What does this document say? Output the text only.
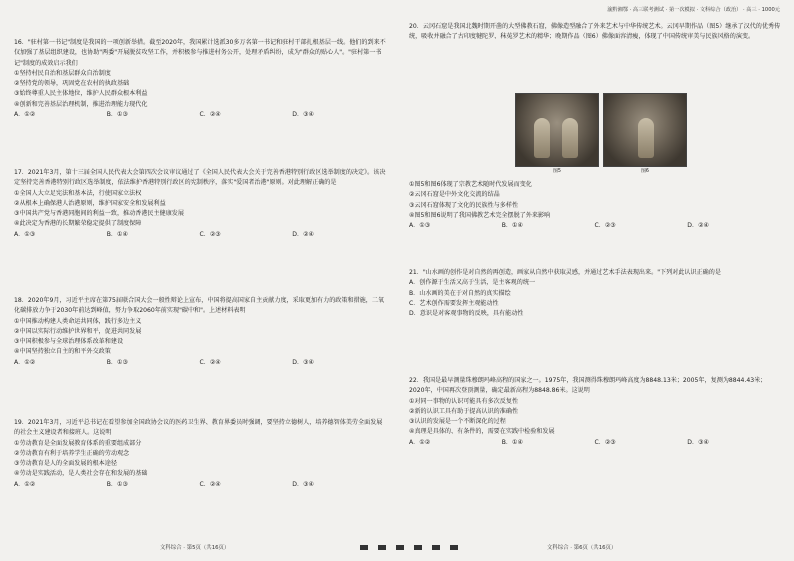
16．"驻村第一书记"制度是我国的一项创新举措。截至2020年，我国累计选派30多万名第一书记和驻村干部扎根基层一线。他们的到来不仅加强了基层组织建设，也协助"两委"开展脱贫攻坚工作，并积极参与推进村务公开，处理矛盾纠纷，成为"群众的贴心人"。"驻村第一书记"制度的成效启示我们

①坚持村民自治和基层群众自治制度
②坚持党的领导，巩固党在农村的执政基础
③始终尊重人民主体地位，维护人民群众根本利益
④创新和完善基层治理机制，推进治理能力现代化
A．①②	B．①③	C．②④	D．③④

17．2021年3月，第十三届全国人民代表大会第四次会议审议通过了《全国人民代表大会关于完善香港特别行政区选举制度的决定》。该决定坚持完善香港特别行政区选举制度，依法维护香港特别行政区的宪制秩序，落实"爱国者治港"原则。对此理解正确的是

①全国人大立足宪法和基本法，行使国家立法权
②从根本上确保港人治港原则，维护国家安全和发展利益
③中国共产党与香港同胞间的利益一致，推动香港民主健康发展
④此决定为香港的长期繁荣稳定提供了制度保障
A．①③	B．①④	C．②③	D．②④

18．2020年9月，习近平主席在第75届联合国大会一般性辩论上宣布，中国将提高国家自主贡献力度，采取更加有力的政策和措施，二氧化碳排放力争于2030年前达到峰值，努力争取2060年前实现"碳中和"。上述材料表明

①中国推动构建人类命运共同体，践行多边主义
②中国以实际行动维护世界和平，促进共同发展
③中国积极参与全球治理体系改革和建设
④中国坚持独立自主的和平外交政策
A．①②	B．①③	C．②④	D．③④

19．2021年3月，习近平总书记在看望参加全国政协会议的医药卫生界、教育界委员时强调，要坚持立德树人，培养德智体美劳全面发展的社会主义建设者和接班人。这说明

①劳动教育是全面发展教育体系的重要组成部分
②劳动教育有利于培养学生正确的劳动观念
③劳动教育是人的全面发展的根本途径
④劳动是实践活动，是人类社会存在和发展的基础
A．①②	B．①③	C．②④	D．③④
文科综合 · 第5页（共16页）
渝黔湘鄂 · 高三联考测试 · 第一次模拟 · 文科综合（政治） · 高三 · 1000元

20．云冈石窟是我国北魏时期开凿的大型佛教石窟，佛像造型融合了外来艺术与中华传统艺术。云冈早期作品（图5）继承了汉代的优秀传统，吸收并融合了古印度犍陀罗、秣菟罗艺术的精华；晚期作品（图6）佛像面容清瘦，体现了中国传统审美与民族风格的演变。

图5	图6
①图5和图6体现了宗教艺术随时代发展而变化
②云冈石窟是中外文化交流的结晶
③云冈石窟体现了文化的民族性与多样性
④图5和图6说明了我国佛教艺术完全摆脱了外来影响
A．①③	B．①④	C．②③	D．②④

21．"山水画的创作是对自然的再创造，画家从自然中获取灵感，并通过艺术手法表现出来。"下列对此认识正确的是

A．创作源于生活又高于生活，是主客观的统一
B．山水画的美在于对自然的真实描绘
C．艺术创作需要发挥主观能动性
D．意识是对客观事物的反映，具有能动性

22．我国是最早测量珠穆朗玛峰高程的国家之一。1975年，我国测得珠穆朗玛峰高度为8848.13米；2005年，复测为8844.43米；2020年，中国再次登顶测量，确定最新高程为8848.86米。这说明

①对同一事物的认识可能具有多次反复性
②新的认识工具有助于提高认识的准确性
③认识的发展是一个不断深化的过程
④真理是具体的、有条件的，需要在实践中检验和发展
A．①②	B．①④	C．②③	D．③④
文科综合 · 第6页（共16页）
